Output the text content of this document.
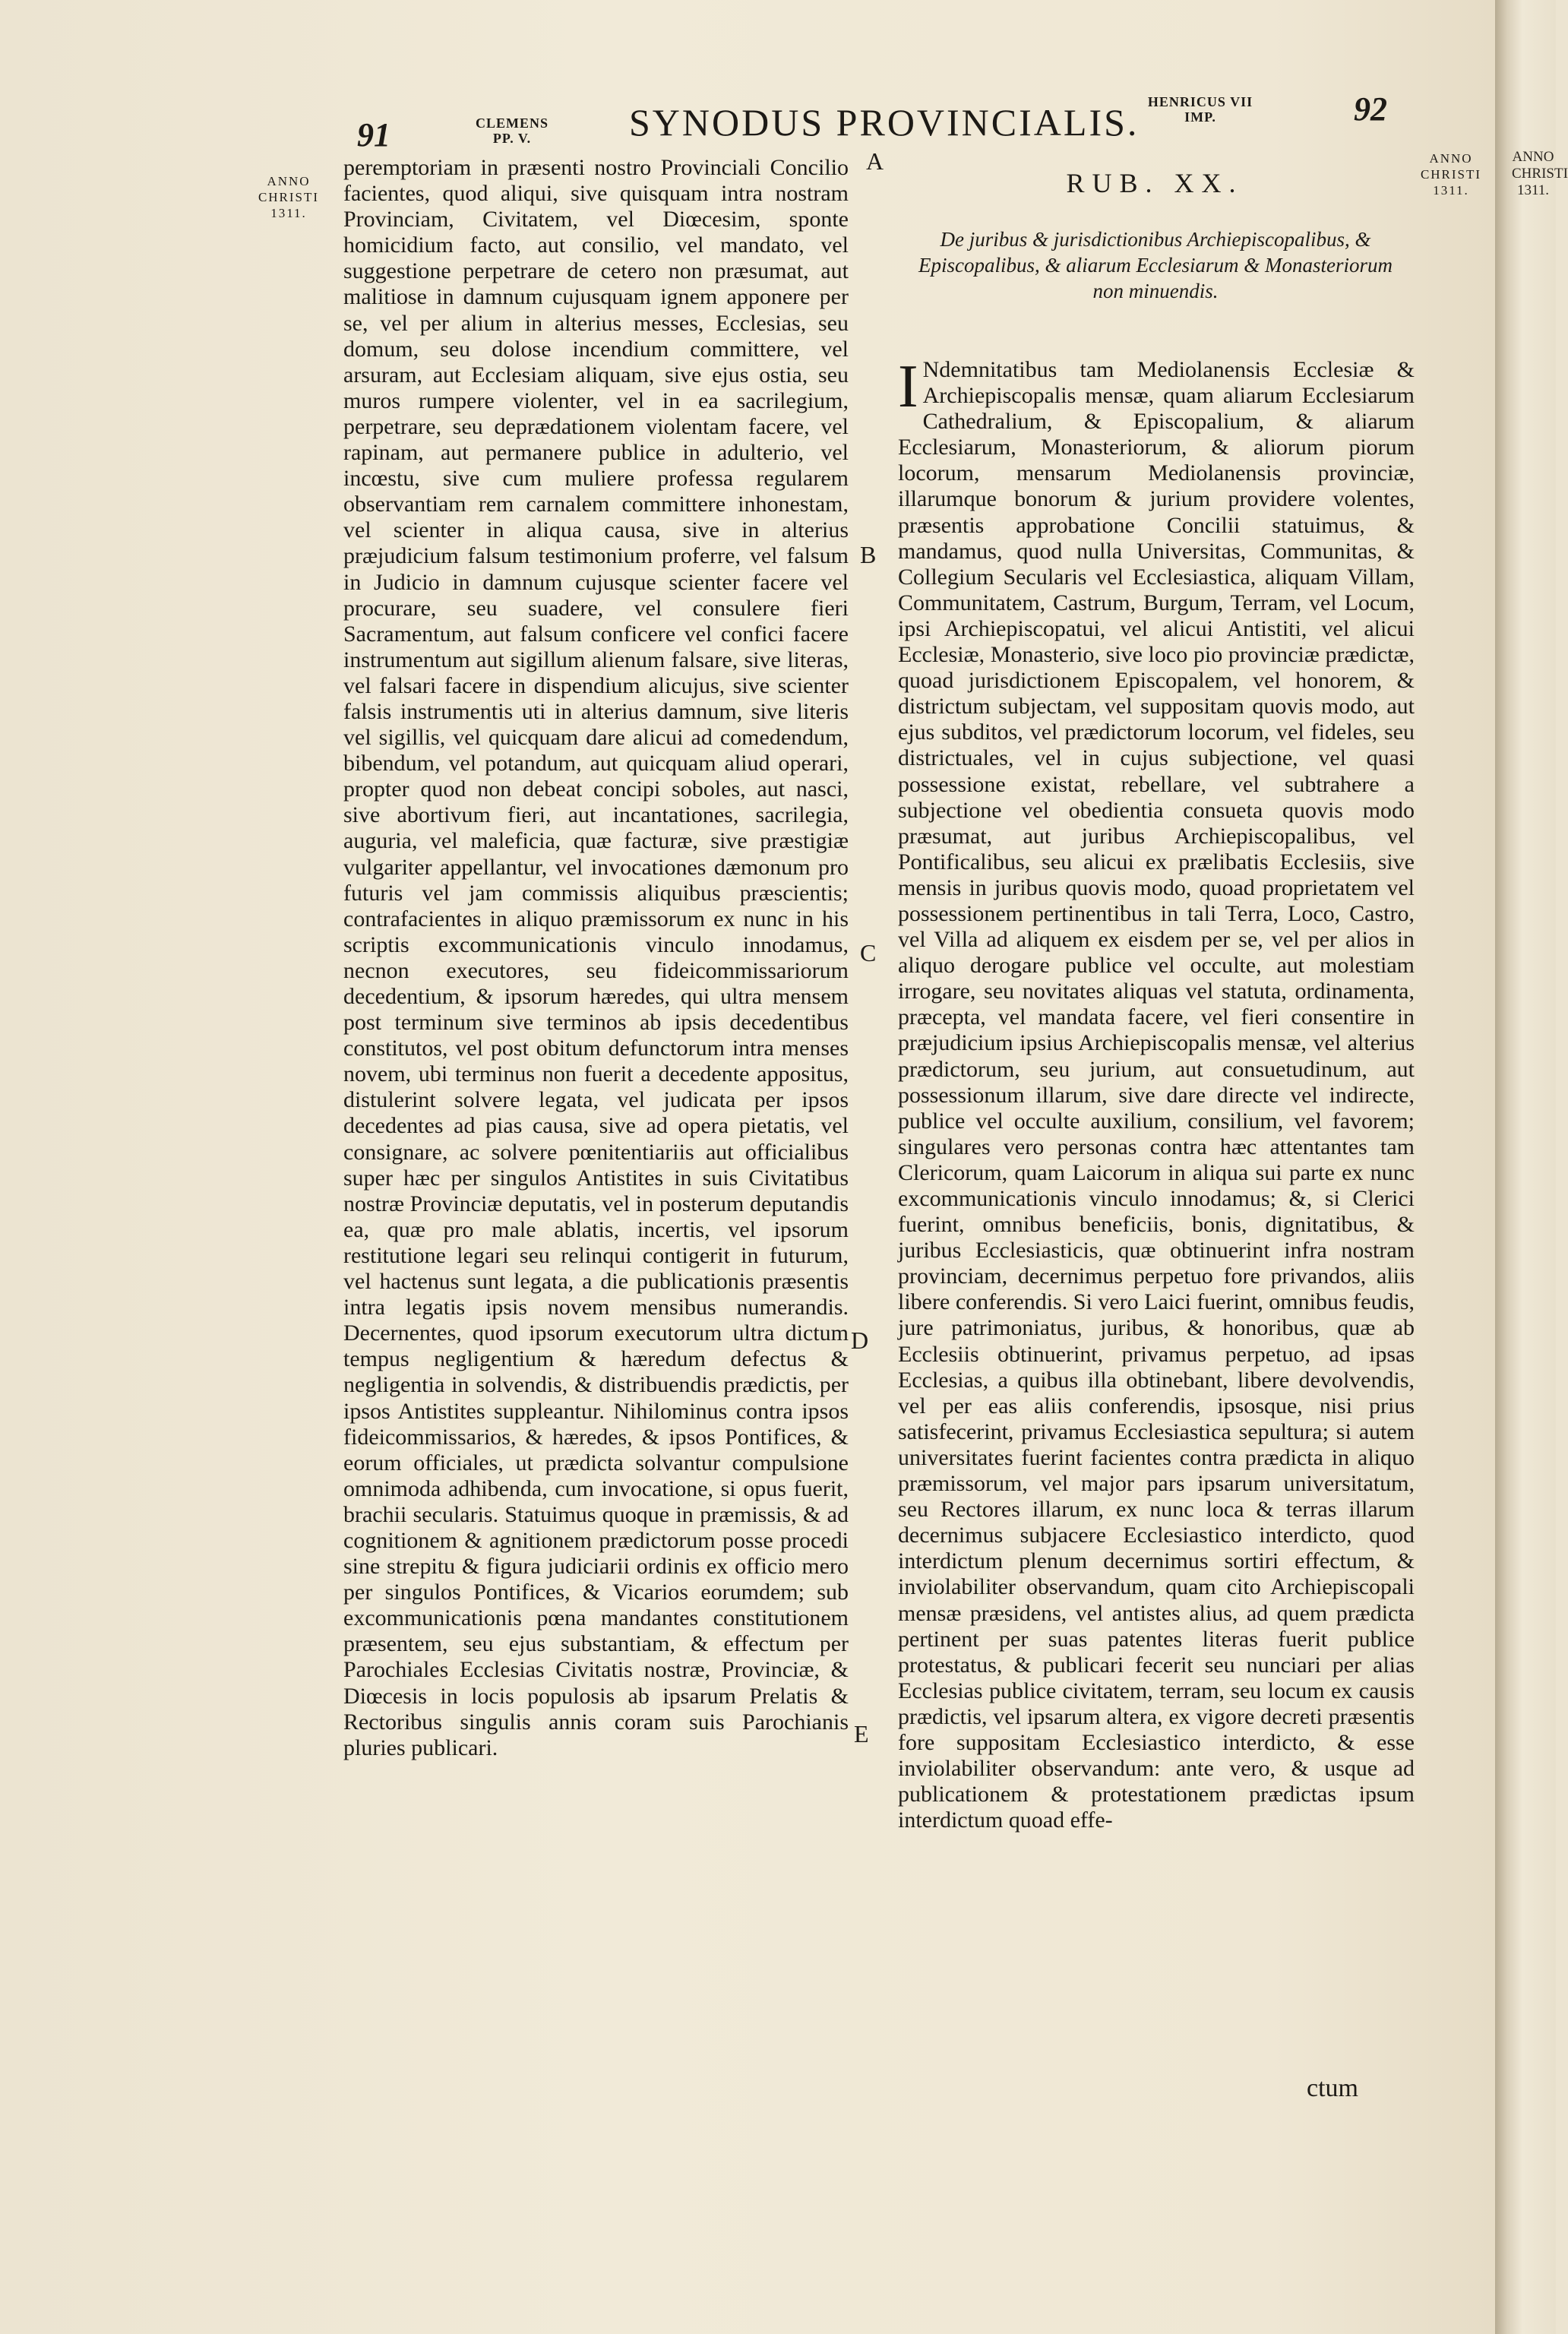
91	CLEMENS
PP. V.	SYNODUS PROVINCIALIS. HENRICUS VII
IMP.	92
ANNO
CHRISTI
1311.
ANNO
CHRISTI
1311.
ANNO
CHRISTI
1311.
A
B
C
D
E

peremptoriam in præsenti nostro Provinciali Concilio facientes, quod aliqui, sive quisquam intra nostram Provinciam, Civitatem, vel Diœcesim, sponte homicidium facto, aut consilio, vel mandato, vel suggestione perpetrare de cetero non præsumat, aut malitiose in damnum cujusquam ignem apponere per se, vel per alium in alterius messes, Ecclesias, seu domum, seu dolose incendium committere, vel arsuram, aut Ecclesiam aliquam, sive ejus ostia, seu muros rumpere violenter, vel in ea sacrilegium, perpetrare, seu deprædationem violentam facere, vel rapinam, aut permanere publice in adulterio, vel incœstu, sive cum muliere professa regularem observantiam rem carnalem committere inhonestam, vel scienter in aliqua causa, sive in alterius præjudicium falsum testimonium proferre, vel falsum in Judicio in damnum cujusque scienter facere vel procurare, seu suadere, vel consulere fieri Sacramentum, aut falsum conficere vel confici facere instrumentum aut sigillum alienum falsare, sive literas, vel falsari facere in dispendium alicujus, sive scienter falsis instrumentis uti in alterius damnum, sive literis vel sigillis, vel quicquam dare alicui ad comedendum, bibendum, vel potandum, aut quicquam aliud operari, propter quod non debeat concipi soboles, aut nasci, sive abortivum fieri, aut incantationes, sacrilegia, auguria, vel maleficia, quæ facturæ, sive præstigiæ vulgariter appellantur, vel invocationes dæmonum pro futuris vel jam commissis aliquibus præscientis; contrafacientes in aliquo præmissorum ex nunc in his scriptis excommunicationis vinculo innodamus, necnon executores, seu fideicommissariorum decedentium, & ipsorum hæredes, qui ultra mensem post terminum sive terminos ab ipsis decedentibus constitutos, vel post obitum defunctorum intra menses novem, ubi terminus non fuerit a decedente appositus, distulerint solvere legata, vel judicata per ipsos decedentes ad pias causa, sive ad opera pietatis, vel consignare, ac solvere pœnitentiariis aut officialibus super hæc per singulos Antistites in suis Civitatibus nostræ Provinciæ deputatis, vel in posterum deputandis ea, quæ pro male ablatis, incertis, vel ipsorum restitutione legari seu relinqui contigerit in futurum, vel hactenus sunt legata, a die publicationis præsentis intra legatis ipsis novem mensibus numerandis. Decernentes, quod ipsorum executorum ultra dictum tempus negligentium & hæredum defectus & negligentia in solvendis, & distribuendis prædictis, per ipsos Antistites suppleantur. Nihilominus contra ipsos fideicommissarios, & hæredes, & ipsos Pontifices, & eorum officiales, ut prædicta solvantur compulsione omnimoda adhibenda, cum invocatione, si opus fuerit, brachii secularis. Statuimus quoque in præmissis, & ad cognitionem & agnitionem prædictorum posse procedi sine strepitu & figura judiciarii ordinis ex officio mero per singulos Pontifices, & Vicarios eorumdem; sub excommunicationis pœna mandantes constitutionem præsentem, seu ejus substantiam, & effectum per Parochiales Ecclesias Civitatis nostræ, Provinciæ, & Diœcesis in locis populosis ab ipsarum Prelatis & Rectoribus singulis annis coram suis Parochianis pluries publicari.

RUB. XX.
De juribus & jurisdictionibus Archiepiscopalibus, & Episcopalibus, & aliarum Ecclesiarum & Monasteriorum non minuendis.
I Ndemnitatibus tam Mediolanensis Ecclesiæ & Archiepiscopalis mensæ, quam aliarum Ecclesiarum Cathedralium, & Episcopalium, & aliarum Ecclesiarum, Monasteriorum, & aliorum piorum locorum, mensarum Mediolanensis provinciæ, illarumque bonorum & jurium providere volentes, præsentis approbatione Concilii statuimus, & mandamus, quod nulla Universitas, Communitas, & Collegium Secularis vel Ecclesiastica, aliquam Villam, Communitatem, Castrum, Burgum, Terram, vel Locum, ipsi Archiepiscopatui, vel alicui Antistiti, vel alicui Ecclesiæ, Monasterio, sive loco pio provinciæ prædictæ, quoad jurisdictionem Episcopalem, vel honorem, & districtum subjectam, vel suppositam quovis modo, aut ejus subditos, vel prædictorum locorum, vel fideles, seu districtuales, vel in cujus subjectione, vel quasi possessione existat, rebellare, vel subtrahere a subjectione vel obedientia consueta quovis modo præsumat, aut juribus Archiepiscopalibus, vel Pontificalibus, seu alicui ex prælibatis Ecclesiis, sive mensis in juribus quovis modo, quoad proprietatem vel possessionem pertinentibus in tali Terra, Loco, Castro, vel Villa ad aliquem ex eisdem per se, vel per alios in aliquo derogare publice vel occulte, aut molestiam irrogare, seu novitates aliquas vel statuta, ordinamenta, præcepta, vel mandata facere, vel fieri consentire in præjudicium ipsius Archiepiscopalis mensæ, vel alterius prædictorum, seu jurium, aut consuetudinum, aut possessionum illarum, sive dare directe vel indirecte, publice vel occulte auxilium, consilium, vel favorem; singulares vero personas contra hæc attentantes tam Clericorum, quam Laicorum in aliqua sui parte ex nunc excommunicationis vinculo innodamus; &, si Clerici fuerint, omnibus beneficiis, bonis, dignitatibus, & juribus Ecclesiasticis, quæ obtinuerint infra nostram provinciam, decernimus perpetuo fore privandos, aliis libere conferendis. Si vero Laici fuerint, omnibus feudis, jure patrimoniatus, juribus, & honoribus, quæ ab Ecclesiis obtinuerint, privamus perpetuo, ad ipsas Ecclesias, a quibus illa obtinebant, libere devolvendis, vel per eas aliis conferendis, ipsosque, nisi prius satisfecerint, privamus Ecclesiastica sepultura; si autem universitates fuerint facientes contra prædicta in aliquo præmissorum, vel major pars ipsarum universitatum, seu Rectores illarum, ex nunc loca & terras illarum decernimus subjacere Ecclesiastico interdicto, quod interdictum plenum decernimus sortiri effectum, & inviolabiliter observandum, quam cito Archiepiscopali mensæ præsidens, vel antistes alius, ad quem prædicta pertinent per suas patentes literas fuerit publice protestatus, & publicari fecerit seu nunciari per alias Ecclesias publice civitatem, terram, seu locum ex causis prædictis, vel ipsarum altera, ex vigore decreti præsentis fore suppositam Ecclesiastico interdicto, & esse inviolabiliter observandum: ante vero, & usque ad publicationem & protestationem prædictas ipsum interdictum quoad effe-

ctum
